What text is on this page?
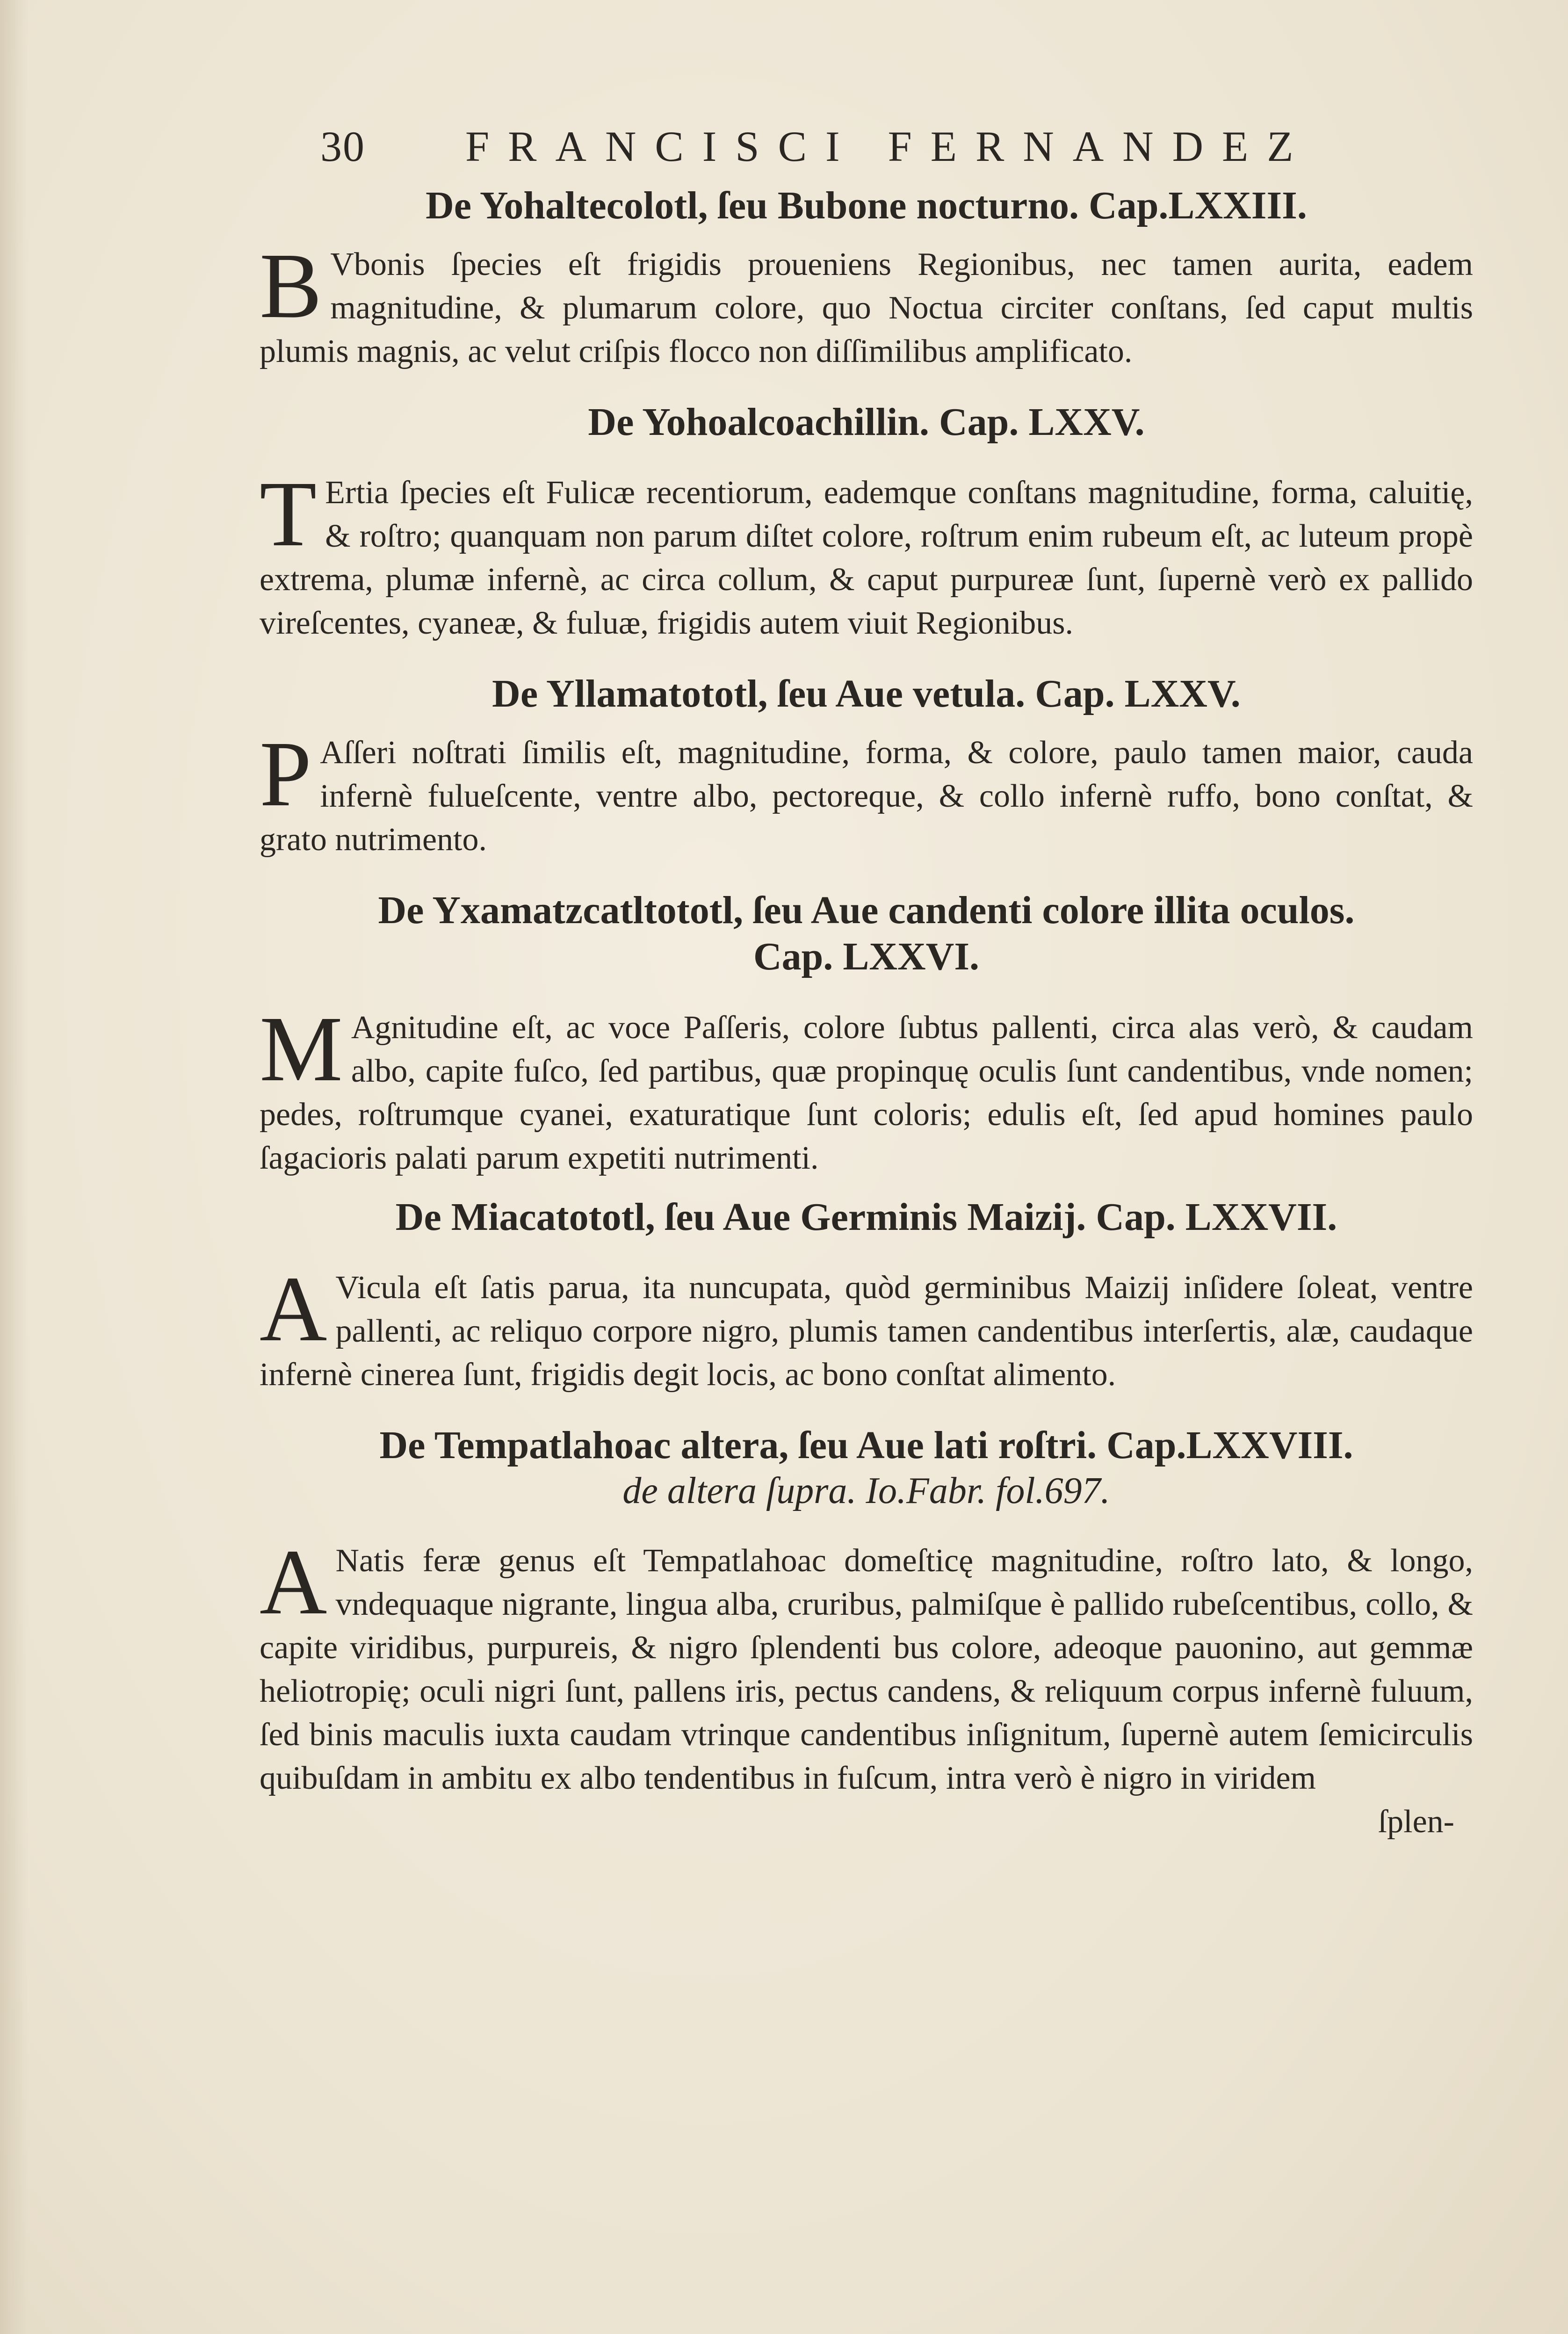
30 FRANCISCI FERNANDEZ
De Yohaltecolotl, ſeu Bubone nocturno. Cap.LXXIII.

B Vbonis ſpecies eſt frigidis proueniens Regionibus, nec tamen aurita, eadem magnitudine, & plumarum colore, quo Noctua circiter conſtans, ſed caput multis plumis magnis, ac velut criſpis flocco non diſſimilibus amplificato.

De Yohoalcoachillin. Cap. LXXV.

T Ertia ſpecies eſt Fulicæ recentiorum, eademque conſtans magnitudine, forma, caluitię, & roſtro; quanquam non parum diſtet colore, roſtrum enim rubeum eſt, ac luteum propè extrema, plumæ infernè, ac circa collum, & caput purpureæ ſunt, ſupernè verò ex pallido vireſcentes, cyaneæ, & fuluæ, frigidis autem viuit Regionibus.

De Yllamatototl, ſeu Aue vetula. Cap. LXXV.

P Aſſeri noſtrati ſimilis eſt, magnitudine, forma, & colore, paulo tamen maior, cauda infernè fulueſcente, ventre albo, pectoreque, & collo infernè ruffo, bono conſtat, & grato nutrimento.

De Yxamatzcatltototl, ſeu Aue candenti colore illita oculos.
Cap. LXXVI.

M Agnitudine eſt, ac voce Paſſeris, colore ſubtus pallenti, circa alas verò, & caudam albo, capite fuſco, ſed partibus, quæ propinquę oculis ſunt candentibus, vnde nomen; pedes, roſtrumque cyanei, exaturatique ſunt coloris; edulis eſt, ſed apud homines paulo ſagacioris palati parum expetiti nutrimenti.

De Miacatototl, ſeu Aue Germinis Maizij. Cap. LXXVII.

A Vicula eſt ſatis parua, ita nuncupata, quòd germinibus Maizij inſidere ſoleat, ventre pallenti, ac reliquo corpore nigro, plumis tamen candentibus interſertis, alæ, caudaque infernè cinerea ſunt, frigidis degit locis, ac bono conſtat alimento.

De Tempatlahoac altera, ſeu Aue lati roſtri. Cap.LXXVIII.

de altera ſupra. Io.Fabr. fol.697.

A Natis feræ genus eſt Tempatlahoac domeſticę magnitudine, roſtro lato, & longo, vndequaque nigrante, lingua alba, cruribus, palmiſque è pallido rubeſcentibus, collo, & capite viridibus, purpureis, & nigro ſplendenti bus colore, adeoque pauonino, aut gemmæ heliotropię; oculi nigri ſunt, pallens iris, pectus candens, & reliquum corpus infernè fuluum, ſed binis maculis iuxta caudam vtrinque candentibus inſignitum, ſupernè autem ſemicirculis quibuſdam in ambitu ex albo tendentibus in fuſcum, intra verò è nigro in viridem

ſplen-
